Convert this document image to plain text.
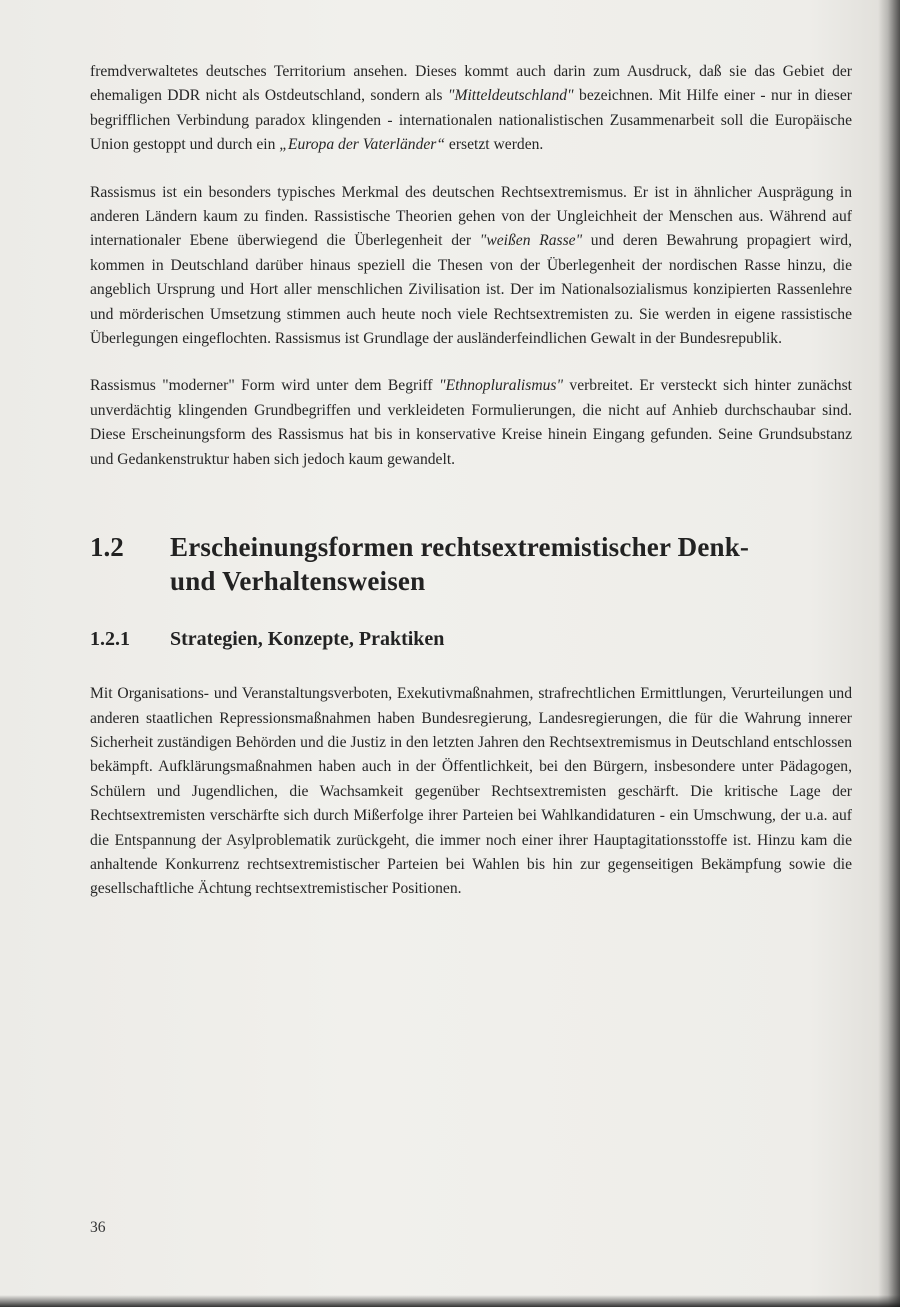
fremdverwaltetes deutsches Territorium ansehen. Dieses kommt auch darin zum Ausdruck, daß sie das Gebiet der ehemaligen DDR nicht als Ostdeutschland, sondern als "Mitteldeutschland" bezeichnen. Mit Hilfe einer - nur in dieser begrifflichen Verbindung paradox klingenden - internationalen nationalistischen Zusammenarbeit soll die Europäische Union gestoppt und durch ein „Europa der Vaterländer“ ersetzt werden.

Rassismus ist ein besonders typisches Merkmal des deutschen Rechtsextremismus. Er ist in ähnlicher Ausprägung in anderen Ländern kaum zu finden. Rassistische Theorien gehen von der Ungleichheit der Menschen aus. Während auf internationaler Ebene überwiegend die Überlegenheit der "weißen Rasse" und deren Bewahrung propagiert wird, kommen in Deutschland darüber hinaus speziell die Thesen von der Überlegenheit der nordischen Rasse hinzu, die angeblich Ursprung und Hort aller menschlichen Zivilisation ist. Der im Nationalsozialismus konzipierten Rassenlehre und mörderischen Umsetzung stimmen auch heute noch viele Rechtsextremisten zu. Sie werden in eigene rassistische Überlegungen eingeflochten. Rassismus ist Grundlage der ausländerfeindlichen Gewalt in der Bundesrepublik.

Rassismus "moderner" Form wird unter dem Begriff "Ethnopluralismus" verbreitet. Er versteckt sich hinter zunächst unverdächtig klingenden Grundbegriffen und verkleideten Formulierungen, die nicht auf Anhieb durchschaubar sind. Diese Erscheinungsform des Rassismus hat bis in konservative Kreise hinein Eingang gefunden. Seine Grundsubstanz und Gedankenstruktur haben sich jedoch kaum gewandelt.

1.2	Erscheinungsformen rechtsextremistischer Denk-
und Verhaltensweisen
1.2.1	Strategien, Konzepte, Praktiken

Mit Organisations- und Veranstaltungsverboten, Exekutivmaßnahmen, strafrechtlichen Ermittlungen, Verurteilungen und anderen staatlichen Repressionsmaßnahmen haben Bundesregierung, Landesregierungen, die für die Wahrung innerer Sicherheit zuständigen Behörden und die Justiz in den letzten Jahren den Rechtsextremismus in Deutschland entschlossen bekämpft. Aufklärungsmaßnahmen haben auch in der Öffentlichkeit, bei den Bürgern, insbesondere unter Pädagogen, Schülern und Jugendlichen, die Wachsamkeit gegenüber Rechtsextremisten geschärft. Die kritische Lage der Rechtsextremisten verschärfte sich durch Mißerfolge ihrer Parteien bei Wahlkandidaturen - ein Umschwung, der u.a. auf die Entspannung der Asylproblematik zurückgeht, die immer noch einer ihrer Hauptagitationsstoffe ist. Hinzu kam die anhaltende Konkurrenz rechtsextremistischer Parteien bei Wahlen bis hin zur gegenseitigen Bekämpfung sowie die gesellschaftliche Ächtung rechtsextremistischer Positionen.

36
